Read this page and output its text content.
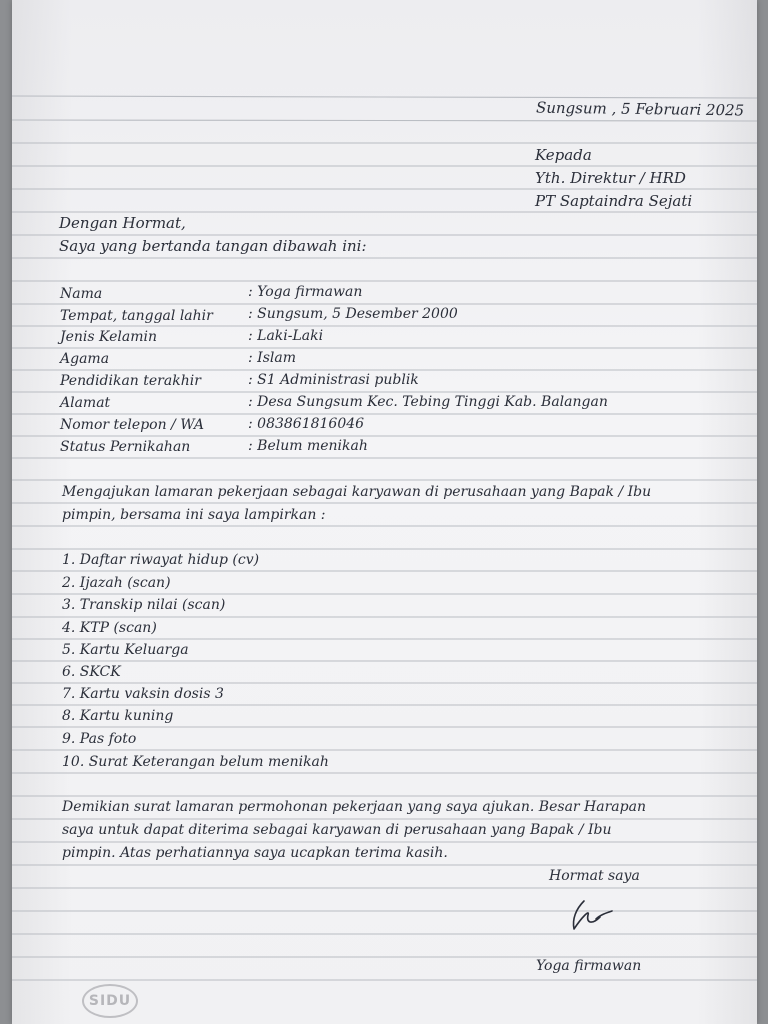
Sungsum , 5 Februari 2025
Kepada
Yth. Direktur / HRD
PT Saptaindra Sejati
Dengan Hormat,
Saya yang bertanda tangan dibawah ini:
Nama	: Yoga firmawan
Tempat, tanggal lahir	: Sungsum, 5 Desember 2000
Jenis Kelamin	: Laki-Laki
Agama	: Islam
Pendidikan terakhir	: S1 Administrasi publik
Alamat	: Desa Sungsum Kec. Tebing Tinggi Kab. Balangan
Nomor telepon / WA	: 083861816046
Status Pernikahan	: Belum menikah
Mengajukan lamaran pekerjaan sebagai karyawan di perusahaan yang Bapak / Ibu
pimpin, bersama ini saya lampirkan :
1. Daftar riwayat hidup (cv)
2. Ijazah (scan)
3. Transkip nilai (scan)
4. KTP (scan)
5. Kartu Keluarga
6. SKCK
7. Kartu vaksin dosis 3
8. Kartu kuning
9. Pas foto
10. Surat Keterangan belum menikah
Demikian surat lamaran permohonan pekerjaan yang saya ajukan. Besar Harapan
saya untuk dapat diterima sebagai karyawan di perusahaan yang Bapak / Ibu
pimpin. Atas perhatiannya saya ucapkan terima kasih.
Hormat saya
Yoga firmawan
SIDU
